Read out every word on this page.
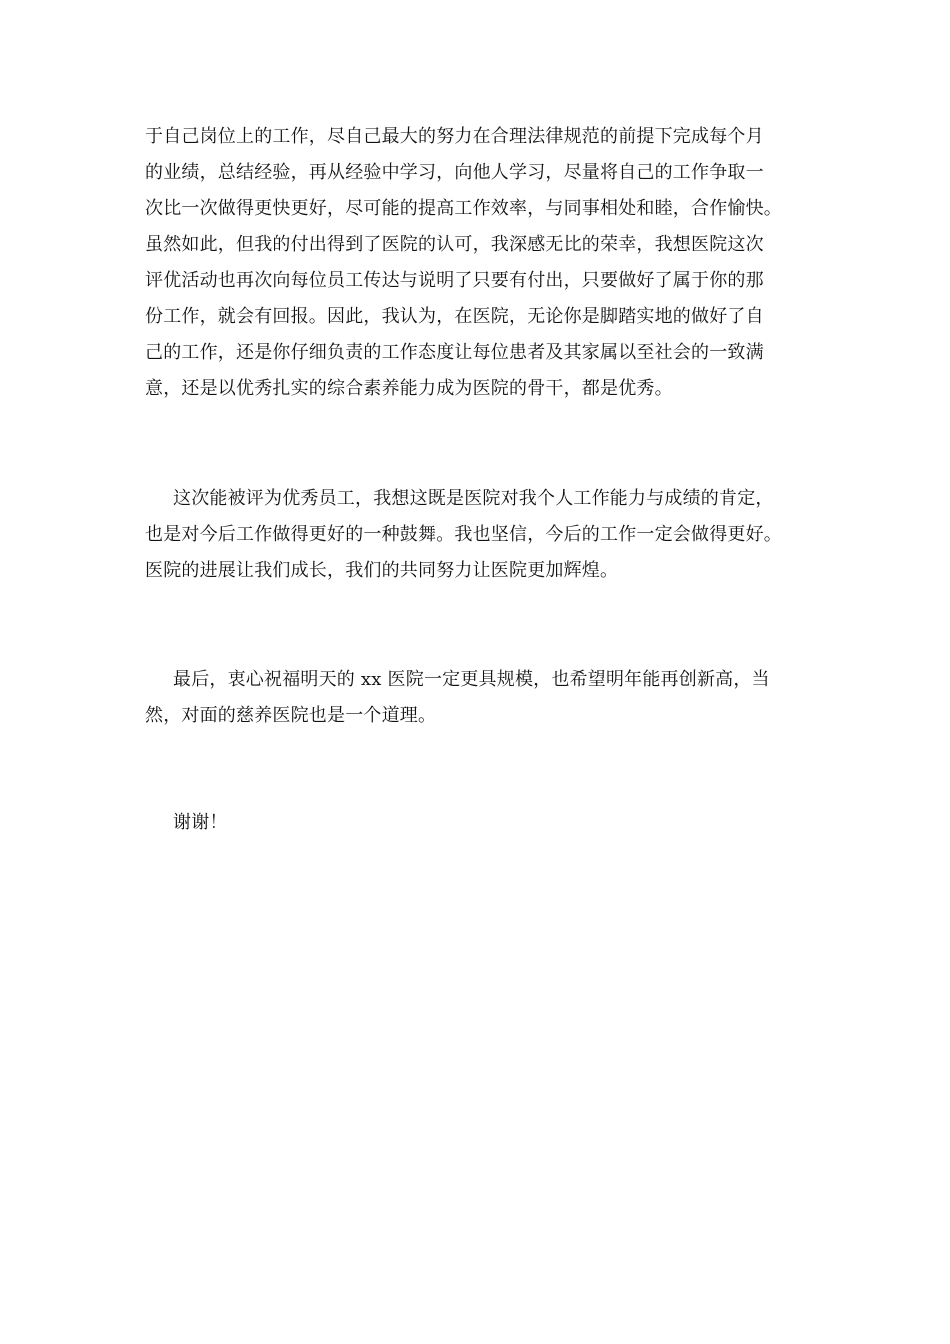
于自己岗位上的工作，尽自己最大的努力在合理法律规范的前提下完成每个月

的业绩，总结经验，再从经验中学习，向他人学习，尽量将自己的工作争取一

次比一次做得更快更好，尽可能的提高工作效率，与同事相处和睦，合作愉快。

虽然如此，但我的付出得到了医院的认可，我深感无比的荣幸，我想医院这次

评优活动也再次向每位员工传达与说明了只要有付出，只要做好了属于你的那

份工作，就会有回报。因此，我认为，在医院，无论你是脚踏实地的做好了自

己的工作，还是你仔细负责的工作态度让每位患者及其家属以至社会的一致满

意，还是以优秀扎实的综合素养能力成为医院的骨干，都是优秀。

这次能被评为优秀员工，我想这既是医院对我个人工作能力与成绩的肯定，

也是对今后工作做得更好的一种鼓舞。我也坚信，今后的工作一定会做得更好。

医院的进展让我们成长，我们的共同努力让医院更加辉煌。

最后，衷心祝福明天的 xx 医院一定更具规模，也希望明年能再创新高，当

然，对面的慈养医院也是一个道理。

谢谢！
